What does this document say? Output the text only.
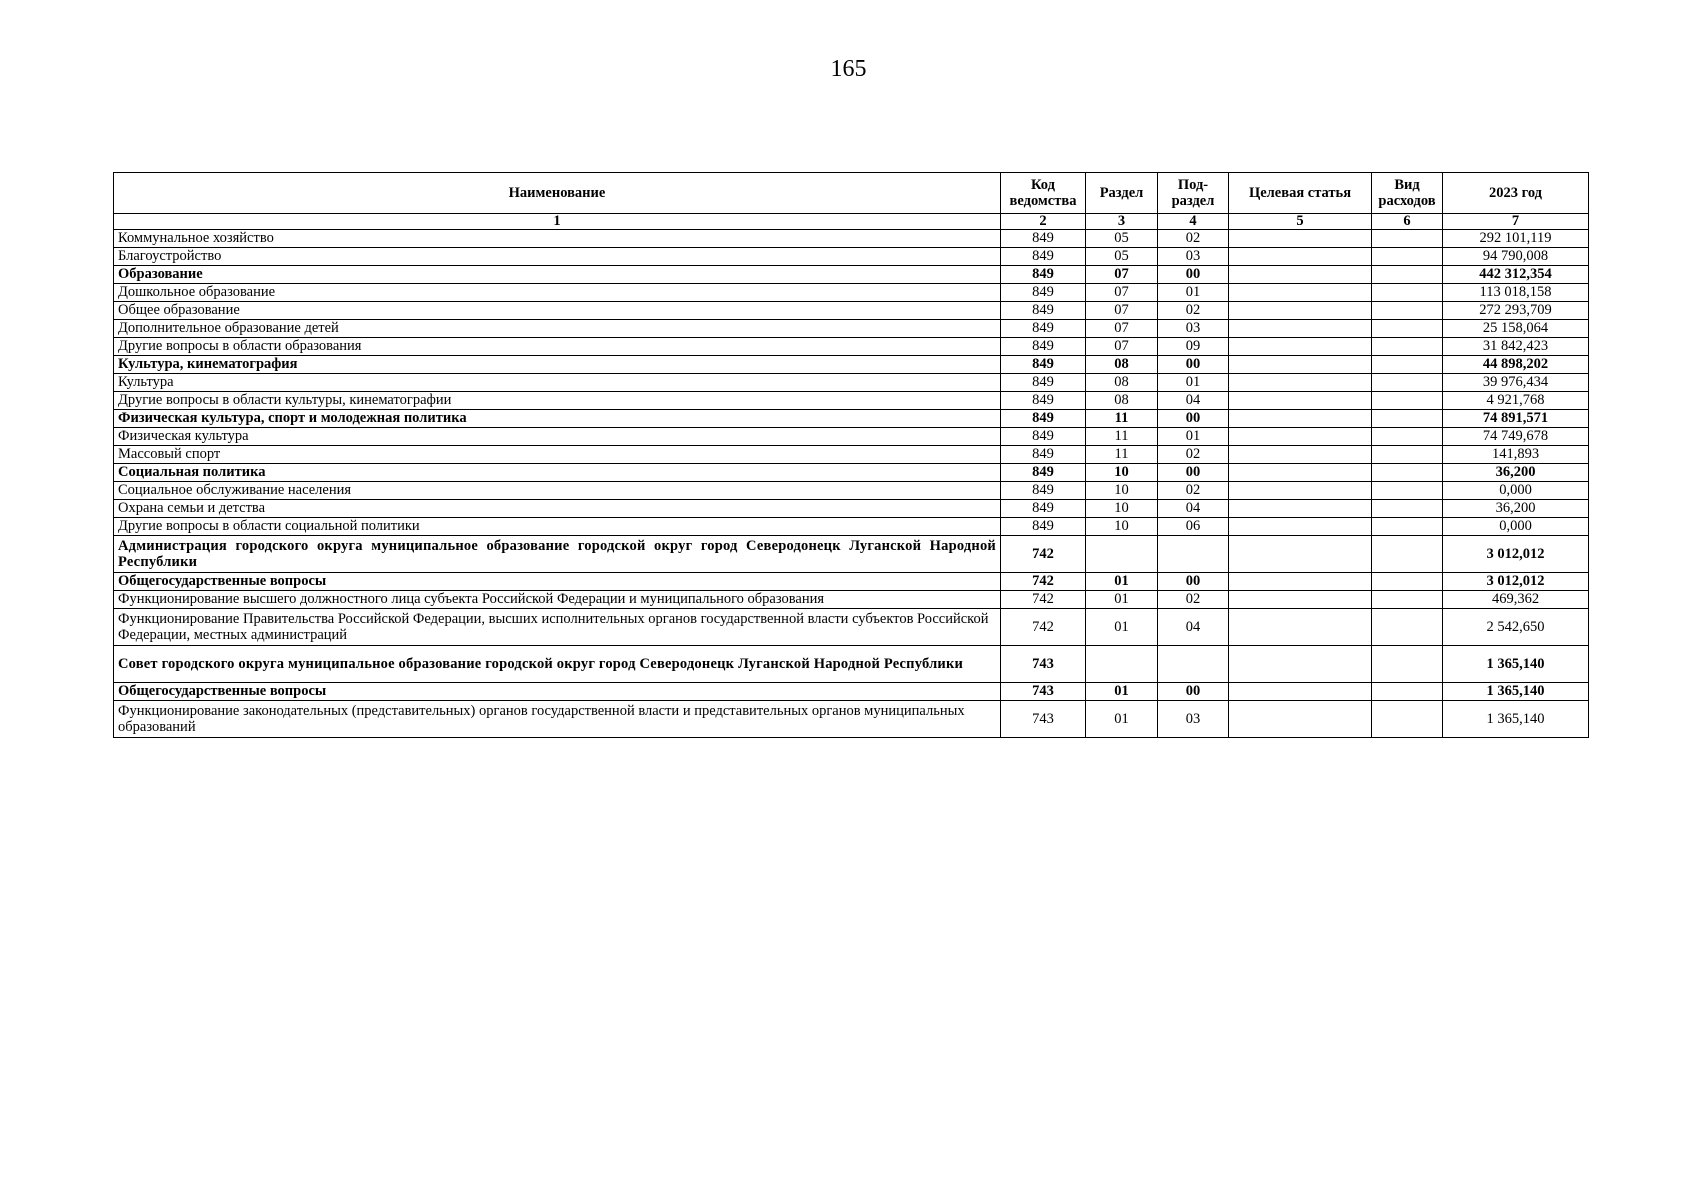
165
Наименование	Код ведомства	Раздел	Под-раздел	Целевая статья	Вид расходов	2023 год
1	2	3	4	5	6	7
Коммунальное хозяйство	849	05	02			292 101,119
Благоустройство	849	05	03			94 790,008
Образование	849	07	00			442 312,354
Дошкольное образование	849	07	01			113 018,158
Общее образование	849	07	02			272 293,709
Дополнительное образование детей	849	07	03			25 158,064
Другие вопросы в области образования	849	07	09			31 842,423
Культура, кинематография	849	08	00			44 898,202
Культура	849	08	01			39 976,434
Другие вопросы в области культуры, кинематографии	849	08	04			4 921,768
Физическая культура, спорт и молодежная политика	849	11	00			74 891,571
Физическая культура	849	11	01			74 749,678
Массовый спорт	849	11	02			141,893
Социальная политика	849	10	00			36,200
Социальное обслуживание населения	849	10	02			0,000
Охрана семьи и детства	849	10	04			36,200
Другие вопросы в области социальной политики	849	10	06			0,000
Администрация городского округа муниципальное образование городской округ город Северодонецк Луганской Народной Республики	742					3 012,012
Общегосударственные вопросы	742	01	00			3 012,012
Функционирование высшего должностного лица субъекта Российской Федерации и муниципального образования	742	01	02			469,362
Функционирование Правительства Российской Федерации, высших исполнительных органов государственной власти субъектов Российской Федерации, местных администраций	742	01	04			2 542,650
Совет городского округа муниципальное образование городской округ город Северодонецк Луганской Народной Республики	743					1 365,140
Общегосударственные вопросы	743	01	00			1 365,140
Функционирование законодательных (представительных) органов государственной власти и представительных органов муниципальных образований	743	01	03			1 365,140
